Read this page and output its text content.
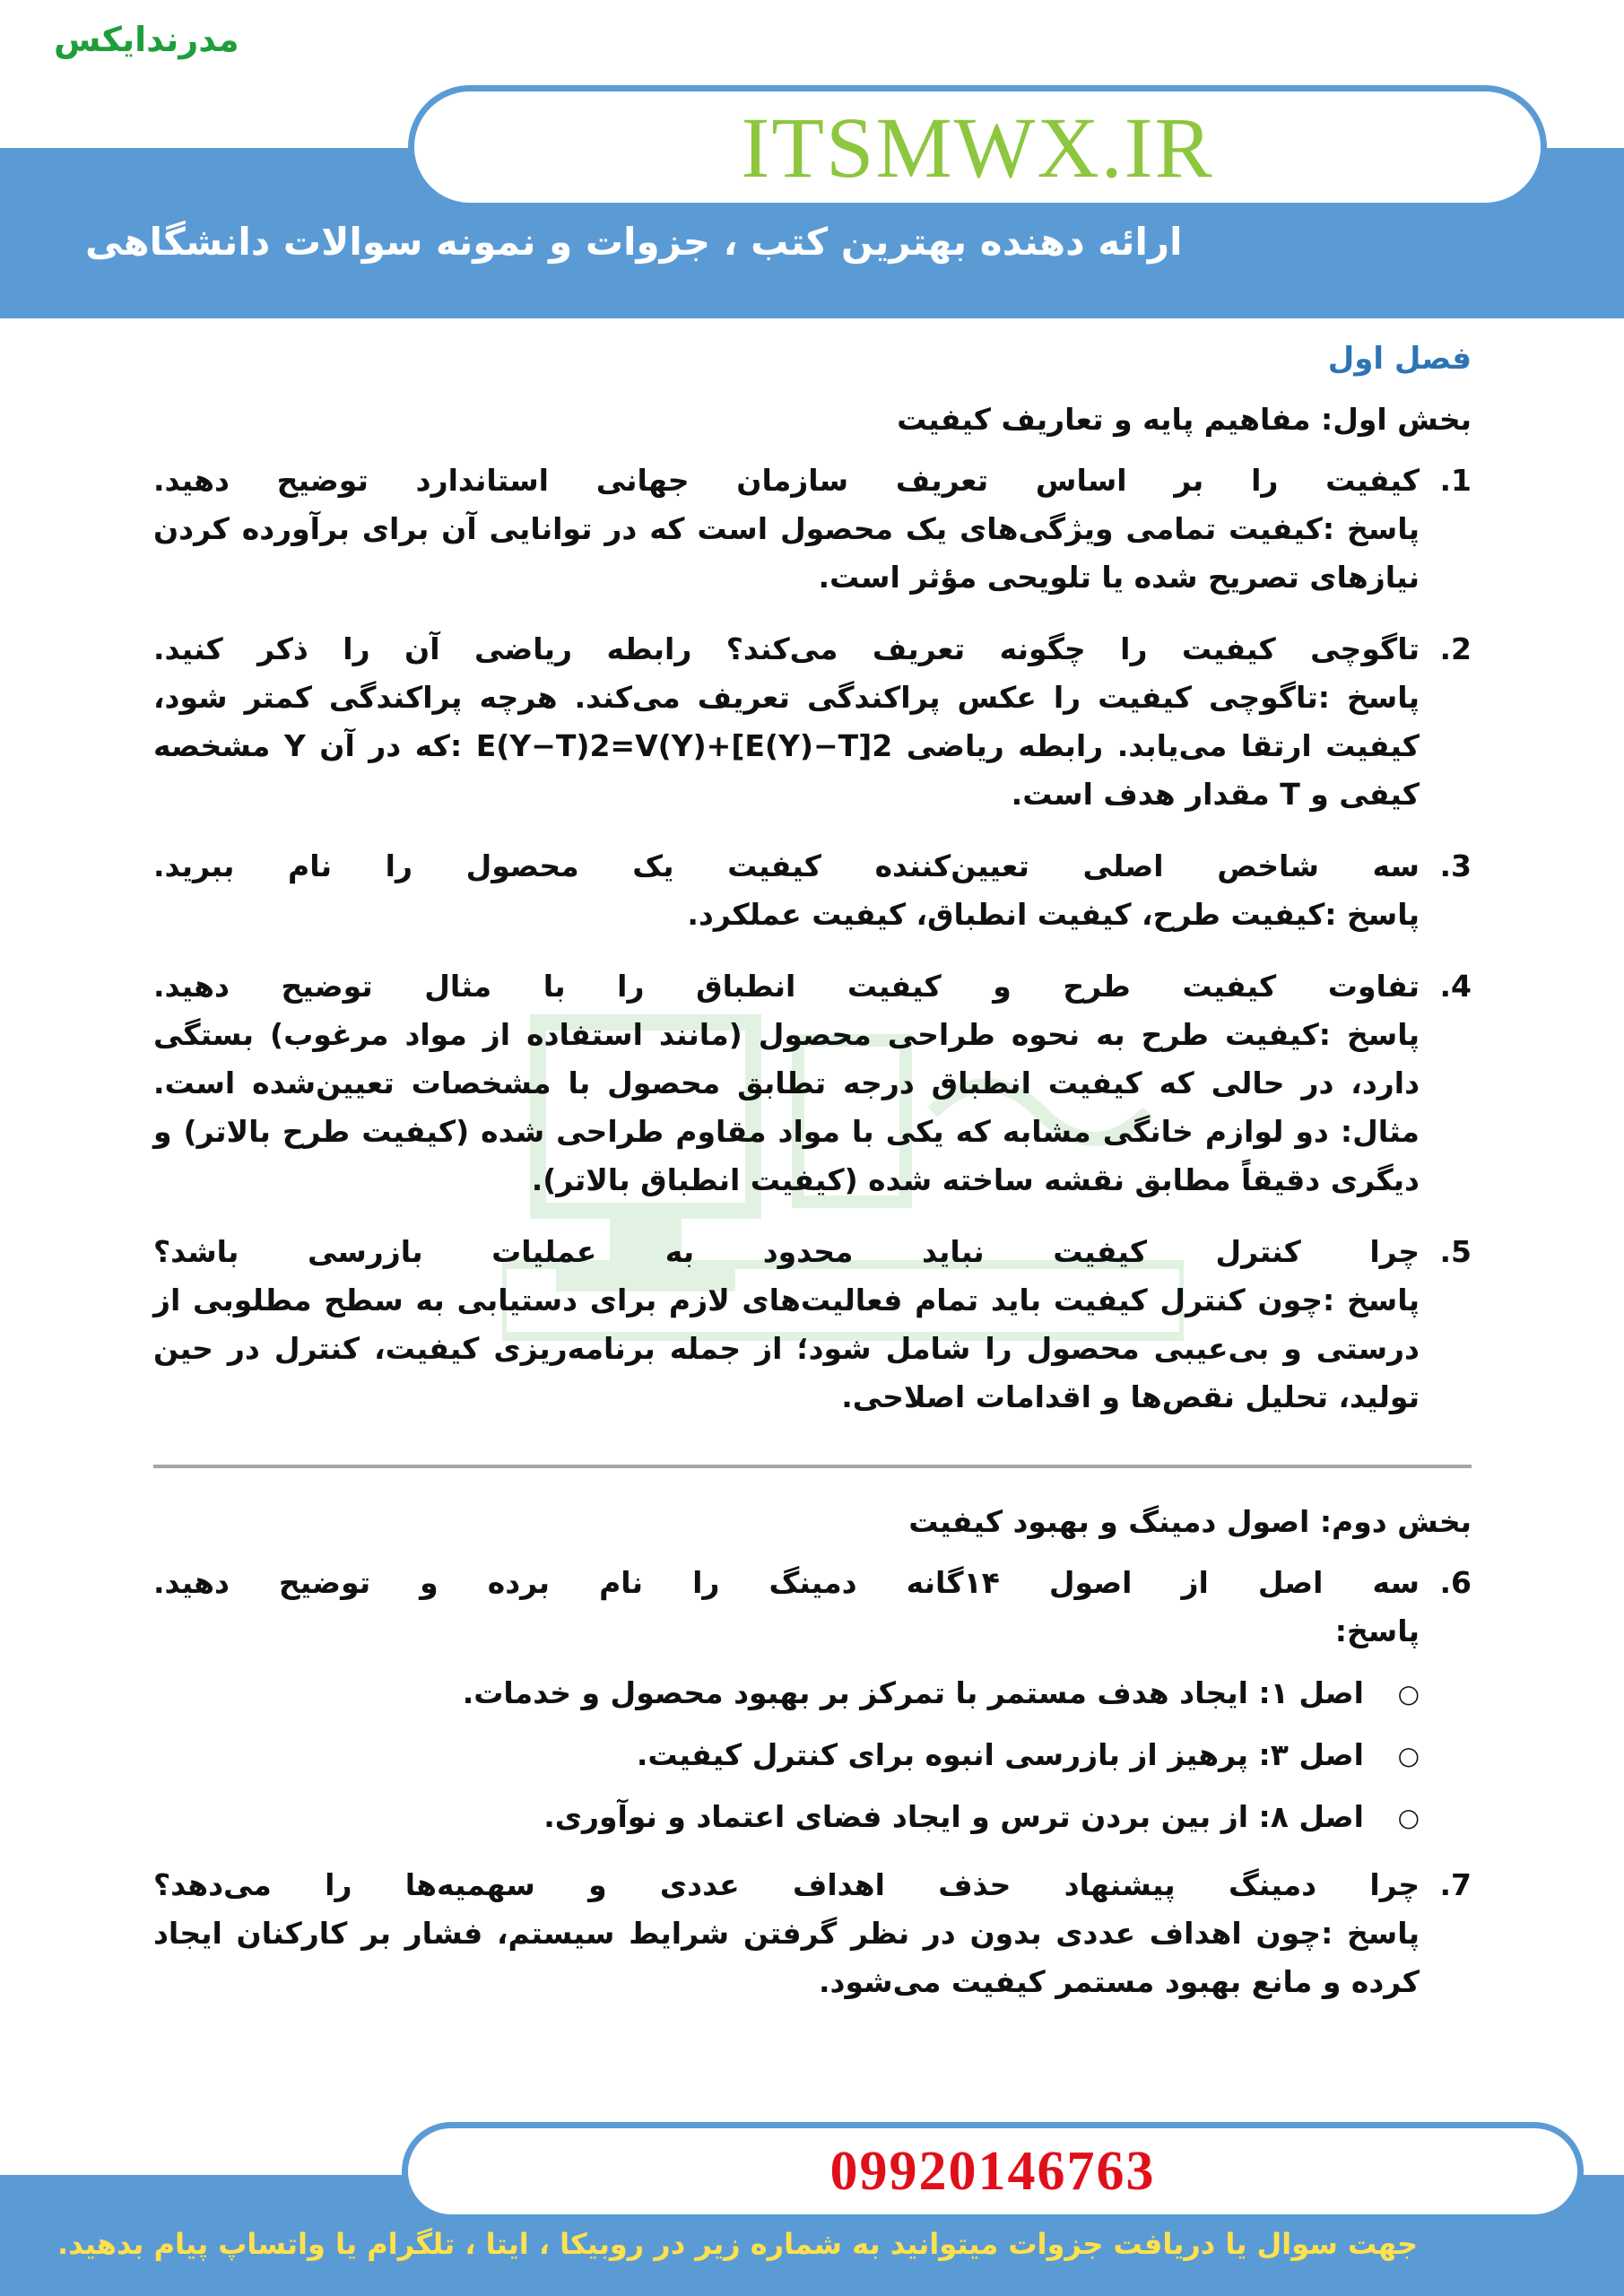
مدرندایکس
ITSMWX.IR
ارائه دهنده بهترین کتب ، جزوات و نمونه سوالات دانشگاهی
فصل اول
بخش اول: مفاهیم پایه و تعاریف کیفیت
1.
کیفیت را بر اساس تعریف سازمان جهانی استاندارد توضیح دهید.
پاسخ :کیفیت تمامی ویژگی‌های یک محصول است که در توانایی آن برای برآورده کردن نیازهای تصریح شده یا تلویحی مؤثر است.
2.
تاگوچی کیفیت را چگونه تعریف می‌کند؟ رابطه ریاضی آن را ذکر کنید.
پاسخ :تاگوچی کیفیت را عکس پراکندگی تعریف می‌کند. هرچه پراکندگی کمتر شود، کیفیت ارتقا می‌یابد. رابطه ریاضی E(Y−T)2=V(Y)+[E(Y)−T]2 :که در آن Y مشخصه کیفی و T مقدار هدف است.
3.
سه شاخص اصلی تعیین‌کننده کیفیت یک محصول را نام ببرید.
پاسخ :کیفیت طرح، کیفیت انطباق، کیفیت عملکرد.
4.
تفاوت کیفیت طرح و کیفیت انطباق را با مثال توضیح دهید.
پاسخ :کیفیت طرح به نحوه طراحی محصول (مانند استفاده از مواد مرغوب) بستگی دارد، در حالی که کیفیت انطباق درجه تطابق محصول با مشخصات تعیین‌شده است. مثال: دو لوازم خانگی مشابه که یکی با مواد مقاوم طراحی شده (کیفیت طرح بالاتر) و دیگری دقیقاً مطابق نقشه ساخته شده (کیفیت انطباق بالاتر).
5.
چرا کنترل کیفیت نباید محدود به عملیات بازرسی باشد؟
پاسخ :چون کنترل کیفیت باید تمام فعالیت‌های لازم برای دستیابی به سطح مطلوبی از درستی و بی‌عیبی محصول را شامل شود؛ از جمله برنامه‌ریزی کیفیت، کنترل در حین تولید، تحلیل نقص‌ها و اقدامات اصلاحی.
بخش دوم: اصول دمینگ و بهبود کیفیت
6.
سه اصل از اصول ۱۴گانه دمینگ را نام برده و توضیح دهید.
پاسخ:
○
اصل ۱: ایجاد هدف مستمر با تمرکز بر بهبود محصول و خدمات.
○
اصل ۳: پرهیز از بازرسی انبوه برای کنترل کیفیت.
○
اصل ۸: از بین بردن ترس و ایجاد فضای اعتماد و نوآوری.
7.
چرا دمینگ پیشنهاد حذف اهداف عددی و سهمیه‌ها را می‌دهد؟
پاسخ :چون اهداف عددی بدون در نظر گرفتن شرایط سیستم، فشار بر کارکنان ایجاد کرده و مانع بهبود مستمر کیفیت می‌شود.
09920146763
جهت سوال یا دریافت جزوات میتوانید به شماره زیر در روبیکا ، ایتا ، تلگرام یا واتساپ پیام بدهید.
